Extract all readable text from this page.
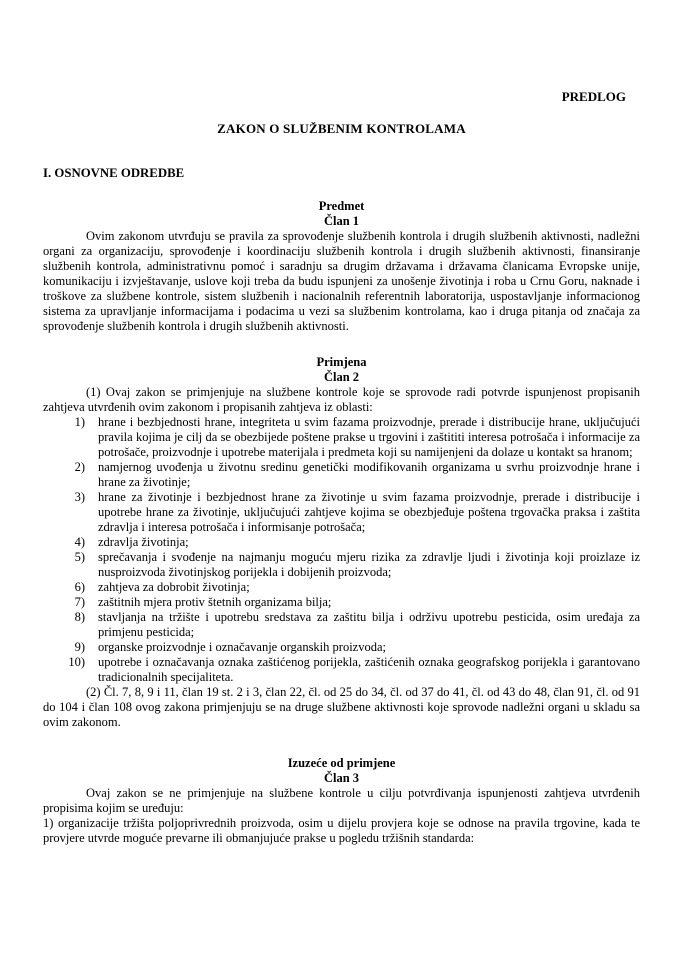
PREDLOG
ZAKON O SLUŽBENIM KONTROLAMA
I. OSNOVNE ODREDBE
Predmet
Član 1

Ovim zakonom utvrđuju se pravila za sprovođenje službenih kontrola i drugih službenih aktivnosti, nadležni organi za organizaciju, sprovođenje i koordinaciju službenih kontrola i drugih službenih aktivnosti, finansiranje službenih kontrola, administrativnu pomoć i saradnju sa drugim državama i državama članicama Evropske unije, komunikaciju i izvještavanje, uslove koji treba da budu ispunjeni za unošenje životinja i roba u Crnu Goru, naknade i troškove za službene kontrole, sistem službenih i nacionalnih referentnih laboratorija, uspostavljanje informacionog sistema za upravljanje informacijama i podacima u vezi sa službenim kontrolama, kao i druga pitanja od značaja za sprovođenje službenih kontrola i drugih službenih aktivnosti.

Primjena
Član 2

(1) Ovaj zakon se primjenjuje na službene kontrole koje se sprovode radi potvrde ispunjenost propisanih zahtjeva utvrđenih ovim zakonom i propisanih zahtjeva iz oblasti:

1) hrane i bezbjednosti hrane, integriteta u svim fazama proizvodnje, prerade i distribucije hrane, uključujući pravila kojima je cilj da se obezbijede poštene prakse u trgovini i zaštititi interesa potrošača i informacije za potrošače, proizvodnje i upotrebe materijala i predmeta koji su namijenjeni da dolaze u kontakt sa hranom;
2) namjernog uvođenja u životnu sredinu genetički modifikovanih organizama u svrhu proizvodnje hrane i hrane za životinje;
3) hrane za životinje i bezbjednost hrane za životinje u svim fazama proizvodnje, prerade i distribucije i upotrebe hrane za životinje, uključujući zahtjeve kojima se obezbjeđuje poštena trgovačka praksa i zaštita zdravlja i interesa potrošača i informisanje potrošača;
4) zdravlja životinja;
5) sprečavanja i svođenje na najmanju moguću mjeru rizika za zdravlje ljudi i životinja koji proizlaze iz nusproizvoda životinjskog porijekla i dobijenih proizvoda;
6) zahtjeva za dobrobit životinja;
7) zaštitnih mjera protiv štetnih organizama bilja;
8) stavljanja na tržište i upotrebu sredstava za zaštitu bilja i održivu upotrebu pesticida, osim uređaja za primjenu pesticida;
9) organske proizvodnje i označavanje organskih proizvoda;
10) upotrebe i označavanja oznaka zaštićenog porijekla, zaštićenih oznaka geografskog porijekla i garantovano tradicionalnih specijaliteta.

(2) Čl. 7, 8, 9 i 11, član 19 st. 2 i 3, član 22, čl. od 25 do 34, čl. od 37 do 41, čl. od 43 do 48, član 91, čl. od 91 do 104 i član 108 ovog zakona primjenjuju se na druge službene aktivnosti koje sprovode nadležni organi u skladu sa ovim zakonom.

Izuzeće od primjene
Član 3

Ovaj zakon se ne primjenjuje na službene kontrole u cilju potvrđivanja ispunjenosti zahtjeva utvrđenih propisima kojim se uređuju:

1) organizacije tržišta poljoprivrednih proizvoda, osim u dijelu provjera koje se odnose na pravila trgovine, kada te provjere utvrde moguće prevarne ili obmanjujuće prakse u pogledu tržišnih standarda:
